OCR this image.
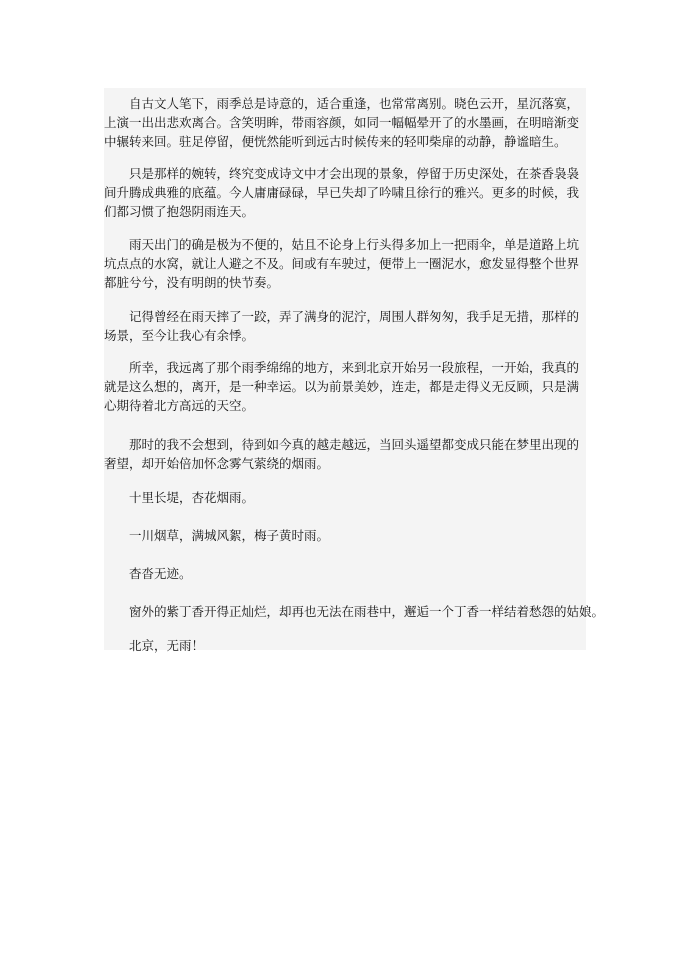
自古文人笔下，雨季总是诗意的，适合重逢，也常常离别。晓色云开，星沉落寞，上演一出出悲欢离合。含笑明眸，带雨容颜，如同一幅幅晕开了的水墨画，在明暗渐变中辗转来回。驻足停留，便恍然能听到远古时候传来的轻叩柴扉的动静，静谧暗生。

只是那样的婉转，终究变成诗文中才会出现的景象，停留于历史深处，在茶香袅袅间升腾成典雅的底蕴。今人庸庸碌碌，早已失却了吟啸且徐行的雅兴。更多的时候，我们都习惯了抱怨阴雨连天。

雨天出门的确是极为不便的，姑且不论身上行头得多加上一把雨伞，单是道路上坑坑点点的水窝，就让人避之不及。间或有车驶过，便带上一圈泥水，愈发显得整个世界都脏兮兮，没有明朗的快节奏。

记得曾经在雨天摔了一跤，弄了满身的泥泞，周围人群匆匆，我手足无措，那样的场景，至今让我心有余悸。

所幸，我远离了那个雨季绵绵的地方，来到北京开始另一段旅程，一开始，我真的就是这么想的，离开，是一种幸运。以为前景美妙，连走，都是走得义无反顾，只是满心期待着北方高远的天空。

那时的我不会想到，待到如今真的越走越远，当回头遥望都变成只能在梦里出现的奢望，却开始倍加怀念雾气萦绕的烟雨。

十里长堤，杏花烟雨。

一川烟草，满城风絮，梅子黄时雨。

杳沓无迹。

窗外的紫丁香开得正灿烂，却再也无法在雨巷中，邂逅一个丁香一样结着愁怨的姑娘。

北京，无雨！
